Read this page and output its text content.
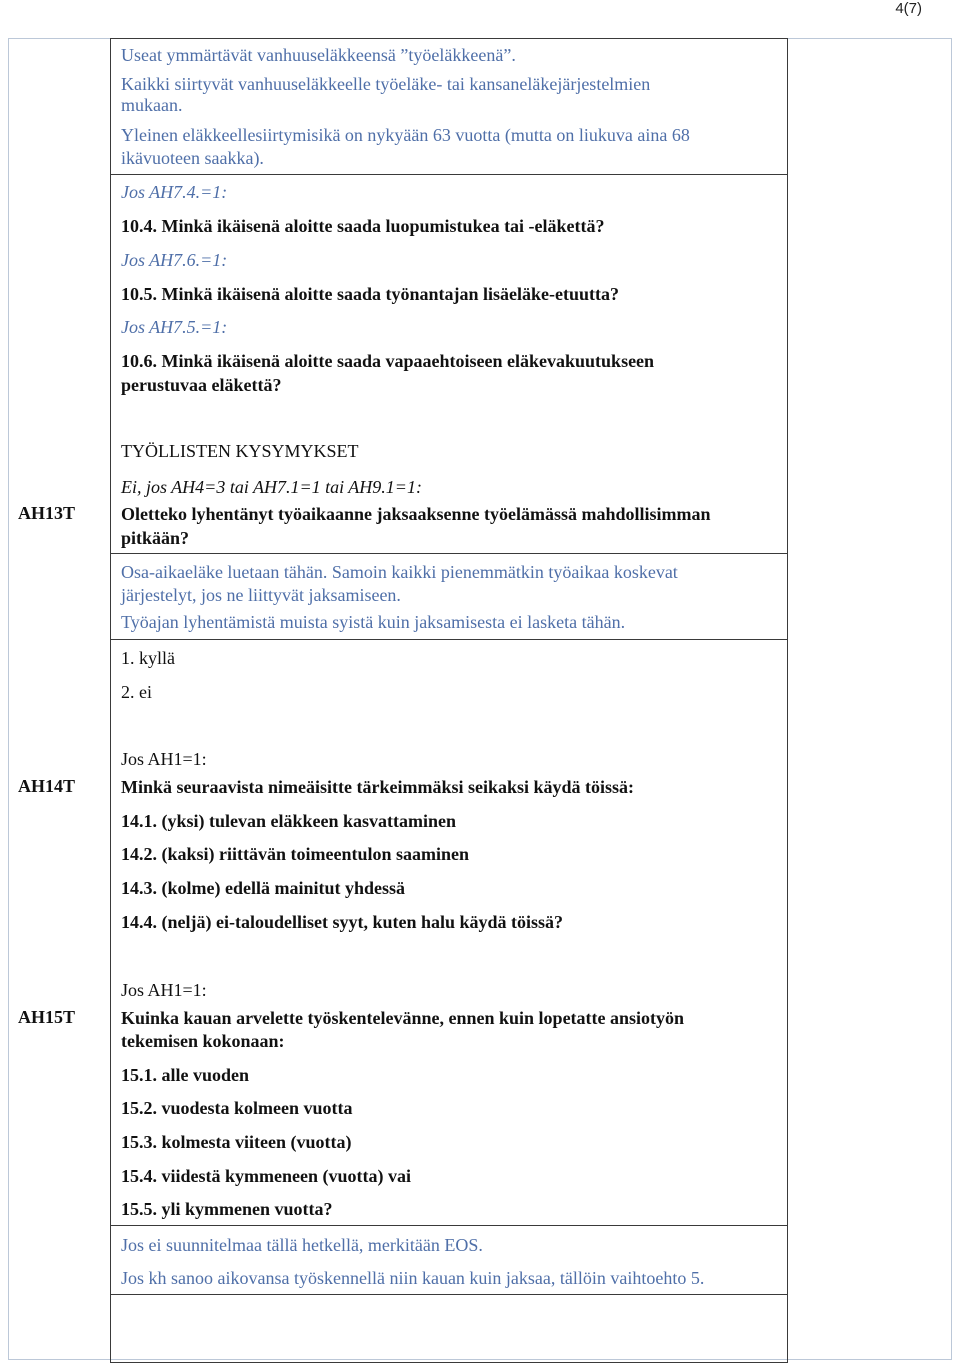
4(7)
Useat ymmärtävät vanhuuseläkkeensä ”työeläkkeenä”.
Kaikki siirtyvät vanhuuseläkkeelle työeläke- tai kansaneläkejärjestelmien
mukaan.
Yleinen eläkkeellesiirtymisikä on nykyään 63 vuotta (mutta on liukuva aina 68
ikävuoteen saakka).
Jos AH7.4.=1:
10.4. Minkä ikäisenä aloitte saada luopumistukea tai -eläkettä?
Jos AH7.6.=1:
10.5. Minkä ikäisenä aloitte saada työnantajan lisäeläke-etuutta?
Jos AH7.5.=1:
10.6. Minkä ikäisenä aloitte saada vapaaehtoiseen eläkevakuutukseen
perustuvaa eläkettä?
TYÖLLISTEN KYSYMYKSET
AH13T
Ei, jos AH4=3 tai AH7.1=1 tai AH9.1=1:
Oletteko lyhentänyt työaikaanne jaksaaksenne työelämässä mahdollisimman
pitkään?
Osa-aikaeläke luetaan tähän. Samoin kaikki pienemmätkin työaikaa koskevat
järjestelyt, jos ne liittyvät jaksamiseen.
Työajan lyhentämistä muista syistä kuin jaksamisesta ei lasketa tähän.
1. kyllä
2. ei
Jos AH1=1:
AH14T	Minkä seuraavista nimeäisitte tärkeimmäksi seikaksi käydä töissä:
14.1. (yksi) tulevan eläkkeen kasvattaminen
14.2. (kaksi) riittävän toimeentulon saaminen
14.3. (kolme) edellä mainitut yhdessä
14.4. (neljä) ei-taloudelliset syyt, kuten halu käydä töissä?
Jos AH1=1:
AH15T	Kuinka kauan arvelette työskentelevänne, ennen kuin lopetatte ansiotyön
tekemisen kokonaan:
15.1. alle vuoden
15.2. vuodesta kolmeen vuotta
15.3. kolmesta viiteen (vuotta)
15.4. viidestä kymmeneen (vuotta) vai
15.5. yli kymmenen vuotta?
Jos ei suunnitelmaa tällä hetkellä, merkitään EOS.
Jos kh sanoo aikovansa työskennellä niin kauan kuin jaksaa, tällöin vaihtoehto 5.
